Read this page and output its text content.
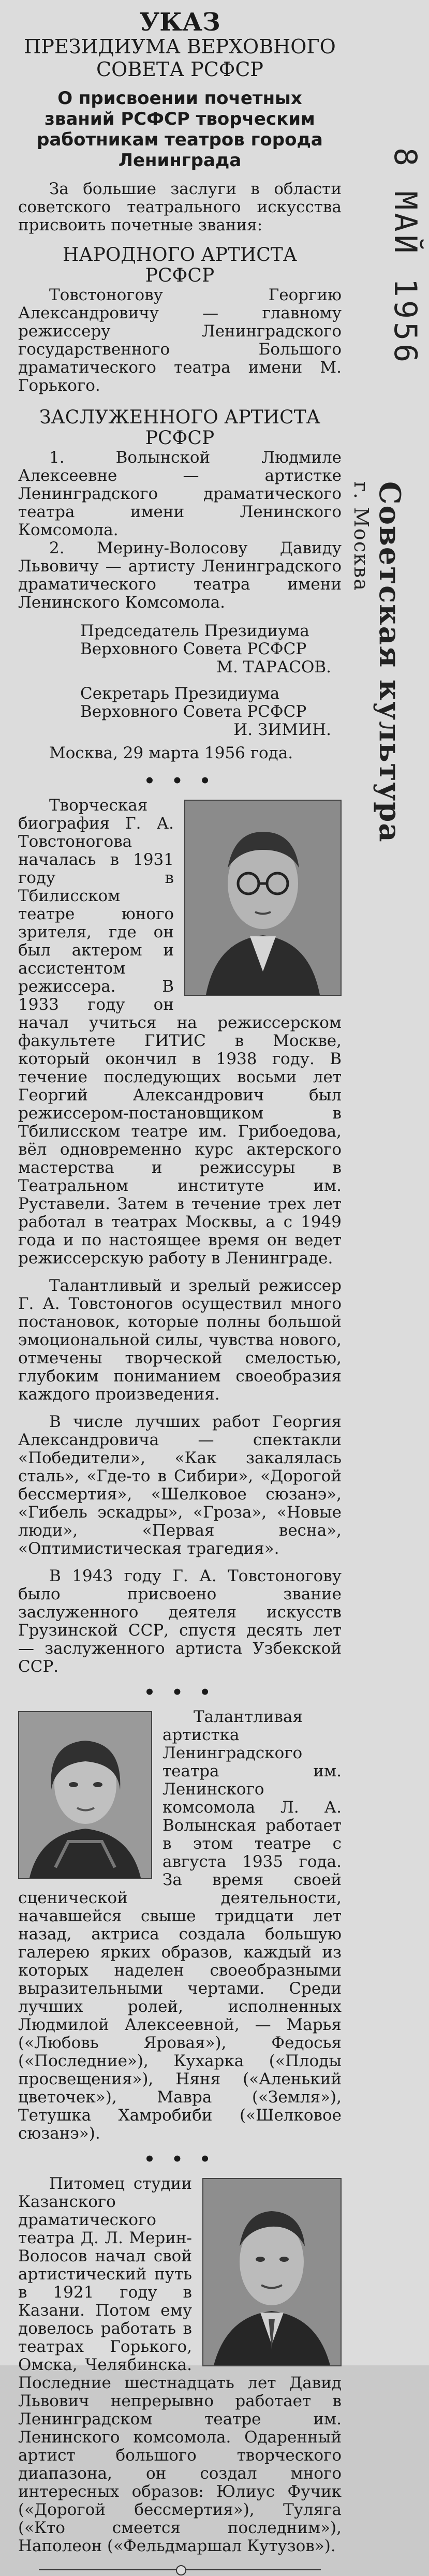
8 МАЙ 1956
Советская культура
г. Москва
УКАЗ
ПРЕЗИДИУМА ВЕРХОВНОГО
СОВЕТА РСФСР
О присвоении почетных званий РСФСР творческим работникам театров города Ленинграда

За большие заслуги в области советского театрального искусства присвоить почетные звания:

НАРОДНОГО АРТИСТА
РСФСР

Товстоногову Георгию Александровичу — главному режиссеру Ленинградского государственного Большого драматического театра имени М. Горького.

ЗАСЛУЖЕННОГО АРТИСТА
РСФСР

1. Волынской Людмиле Алексеевне — артистке Ленинградского драматического театра имени Ленинского Комсомола.

2. Мерину-Волосову Давиду Львовичу — артисту Ленинградского драматического театра имени Ленинского Комсомола.

Председатель Президиума Верховного Совета РСФСР
М. ТАРАСОВ.
Секретарь Президиума Верховного Совета РСФСР
И. ЗИМИН.

Москва, 29 марта 1956 года.

• • •

Творческая биография Г. А. Товстоногова началась в 1931 году в Тбилисском театре юного зрителя, где он был актером и ассистентом режиссера. В 1933 году он начал учиться на режиссерском факультете ГИТИС в Москве, который окончил в 1938 году. В течение последующих восьми лет Георгий Александрович был режиссером-постановщиком в Тбилисском театре им. Грибоедова, вёл одновременно курс актерского мастерства и режиссуры в Театральном институте им. Руставели. Затем в течение трех лет работал в театрах Москвы, а с 1949 года и по настоящее время он ведет режиссерскую работу в Ленинграде.

Талантливый и зрелый режиссер Г. А. Товстоногов осуществил много постановок, которые полны большой эмоциональной силы, чувства нового, отмечены творческой смелостью, глубоким пониманием своеобразия каждого произведения.

В числе лучших работ Георгия Александровича — спектакли «Победители», «Как закалялась сталь», «Где-то в Сибири», «Дорогой бессмертия», «Шелковое сюзанэ», «Гибель эскадры», «Гроза», «Новые люди», «Первая весна», «Оптимистическая трагедия».

В 1943 году Г. А. Товстоногову было присвоено звание заслуженного деятеля искусств Грузинской ССР, спустя десять лет — заслуженного артиста Узбекской ССР.

• • •

Талантливая артистка Ленинградского театра им. Ленинского комсомола Л. А. Волынская работает в этом театре с августа 1935 года. За время своей сценической деятельности, начавшейся свыше тридцати лет назад, актриса создала большую галерею ярких образов, каждый из которых наделен своеобразными выразительными чертами. Среди лучших ролей, исполненных Людмилой Алексеевной, — Марья («Любовь Яровая»), Федосья («Последние»), Кухарка («Плоды просвещения»), Няня («Аленький цветочек»), Мавра («Земля»), Тетушка Хамробиби («Шелковое сюзанэ»).

• • •

Питомец студии Казанского драматического театра Д. Л. Мерин-Волосов начал свой артистический путь в 1921 году в Казани. Потом ему довелось работать в театрах Горького, Омска, Челябинска. Последние шестнадцать лет Давид Львович непрерывно работает в Ленинградском театре им. Ленинского комсомола. Одаренный артист большого творческого диапазона, он создал много интересных образов: Юлиус Фучик («Дорогой бессмертия»), Туляга («Кто смеется последним»), Наполеон («Фельдмаршал Кутузов»).
